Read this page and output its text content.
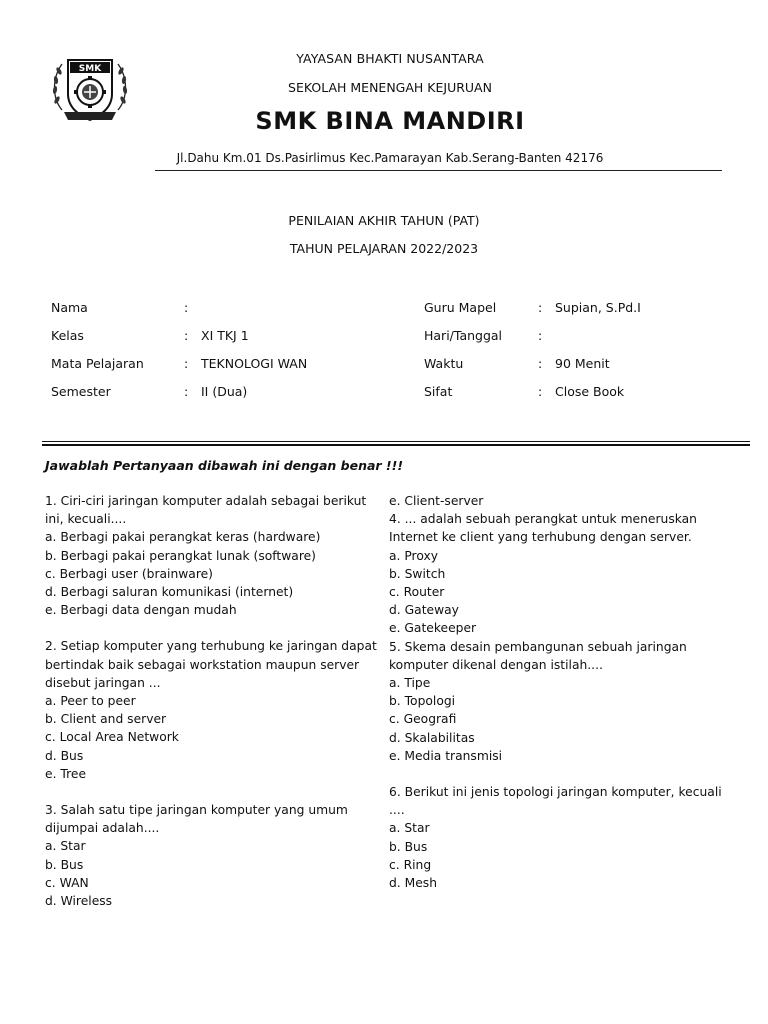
SMK
YAYASAN BHAKTI NUSANTARA
SEKOLAH MENENGAH KEJURUAN
SMK BINA MANDIRI
Jl.Dahu Km.01 Ds.Pasirlimus Kec.Pamarayan Kab.Serang-Banten 42176
PENILAIAN AKHIR TAHUN (PAT)
TAHUN PELAJARAN 2022/2023
Nama	:
Kelas	: XI TKJ 1
Mata Pelajaran	: TEKNOLOGI WAN
Semester	: II (Dua)
Guru Mapel	: Supian, S.Pd.I
Hari/Tanggal	:
Waktu	: 90 Menit
Sifat	: Close Book
Jawablah Pertanyaan dibawah ini dengan benar !!!
1. Ciri-ciri jaringan komputer adalah sebagai berikut ini, kecuali....
a. Berbagi pakai perangkat keras (hardware)
b. Berbagi pakai perangkat lunak (software)
c. Berbagi user (brainware)
d. Berbagi saluran komunikasi (internet)
e. Berbagi data dengan mudah
2. Setiap komputer yang terhubung ke jaringan dapat bertindak baik sebagai workstation maupun server disebut jaringan ...
a. Peer to peer
b. Client and server
c. Local Area Network
d. Bus
e. Tree
3. Salah satu tipe jaringan komputer yang umum dijumpai adalah....
a. Star
b. Bus
c. WAN
d. Wireless
e. Client-server
4. ... adalah sebuah perangkat untuk meneruskan Internet ke client yang terhubung dengan server.
a. Proxy
b. Switch
c. Router
d. Gateway
e. Gatekeeper
5. Skema desain pembangunan sebuah jaringan komputer dikenal dengan istilah....
a. Tipe
b. Topologi
c. Geografi
d. Skalabilitas
e. Media transmisi
6. Berikut ini jenis topologi jaringan komputer, kecuali ....
a. Star
b. Bus
c. Ring
d. Mesh
